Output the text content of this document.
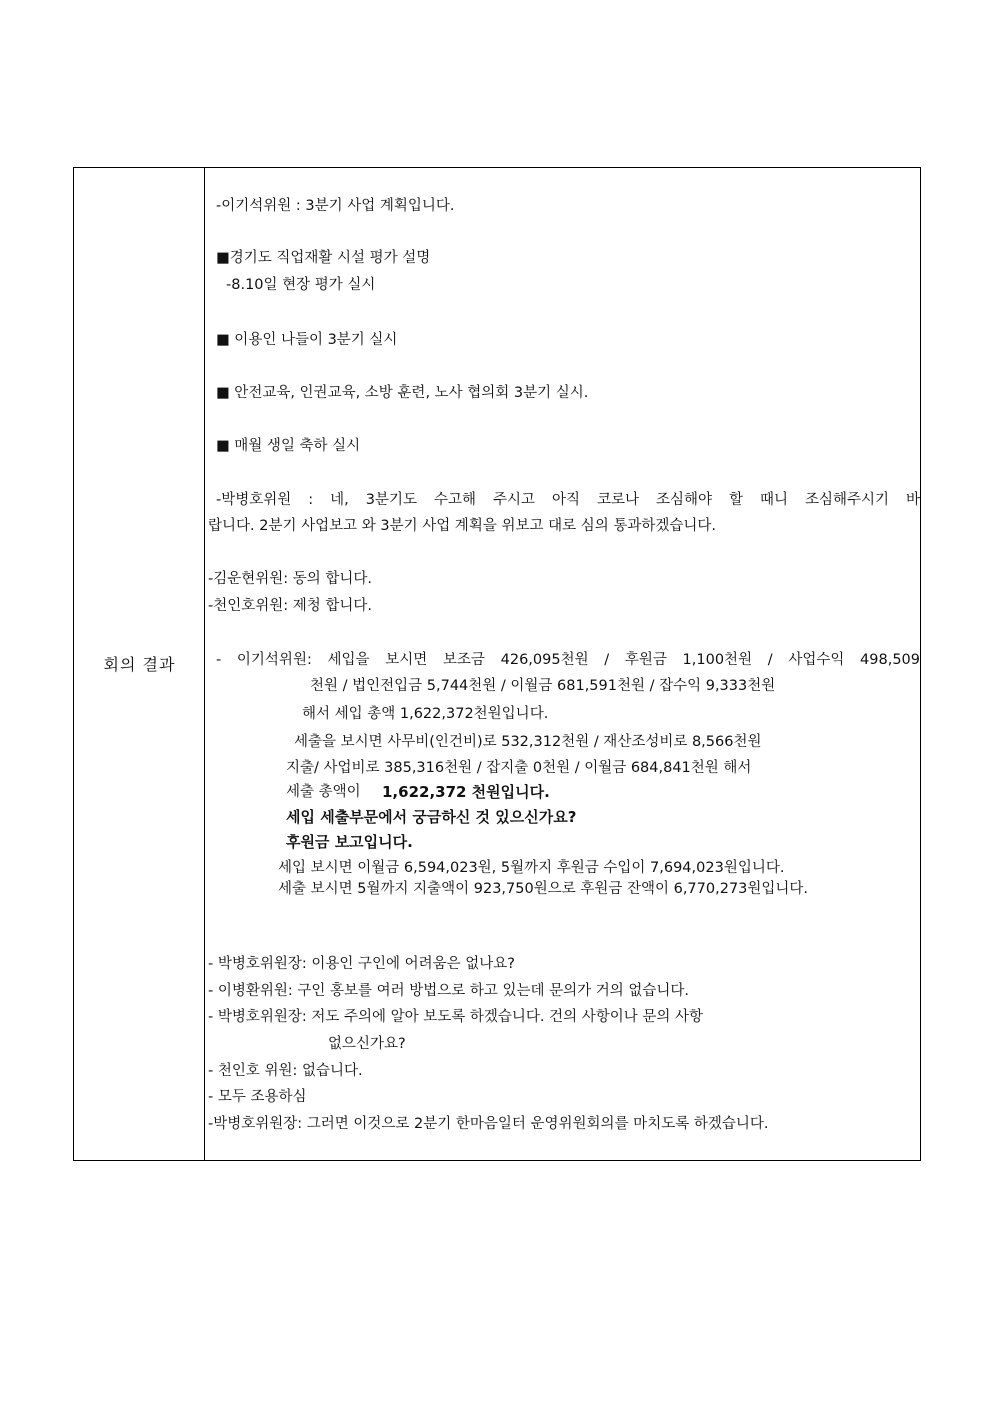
회의 결과
-이기석위원 : 3분기 사업 계획입니다.
■경기도 직업재활 시설 평가 설명
-8.10일 현장 평가 실시
■ 이용인 나들이 3분기 실시
■ 안전교육, 인권교육, 소방 훈련, 노사 협의회 3분기 실시.
■ 매월 생일 축하 실시
-박병호위원 : 네, 3분기도 수고해 주시고 아직 코로나 조심해야 할 때니 조심해주시기 바
랍니다. 2분기 사업보고 와 3분기 사업 계획을 위보고 대로 심의 통과하겠습니다.
-김운현위원: 동의 합니다.
-천인호위원: 제청 합니다.
- 이기석위원: 세입을 보시면 보조금 426,095천원 / 후원금 1,100천원 / 사업수익 498,509
천원 / 법인전입금 5,744천원 / 이월금 681,591천원 / 잡수익 9,333천원
해서 세입 총액 1,622,372천원입니다.
세출을 보시면 사무비(인건비)로 532,312천원 / 재산조성비로 8,566천원
지출/ 사업비로 385,316천원 / 잡지출 0천원 / 이월금 684,841천원 해서
세출 총액이 1,622,372 천원입니다.
세입 세출부문에서 궁금하신 것 있으신가요?
후원금 보고입니다.
세입 보시면 이월금 6,594,023원, 5월까지 후원금 수입이 7,694,023원입니다.
세출 보시면 5월까지 지출액이 923,750원으로 후원금 잔액이 6,770,273원입니다.
- 박병호위원장: 이용인 구인에 어려움은 없나요?
- 이병환위원: 구인 홍보를 여러 방법으로 하고 있는데 문의가 거의 없습니다.
- 박병호위원장: 저도 주의에 알아 보도록 하겠습니다. 건의 사항이나 문의 사항
없으신가요?
- 천인호 위원: 없습니다.
- 모두 조용하심
-박병호위원장: 그러면 이것으로 2분기 한마음일터 운영위원회의를 마치도록 하겠습니다.
